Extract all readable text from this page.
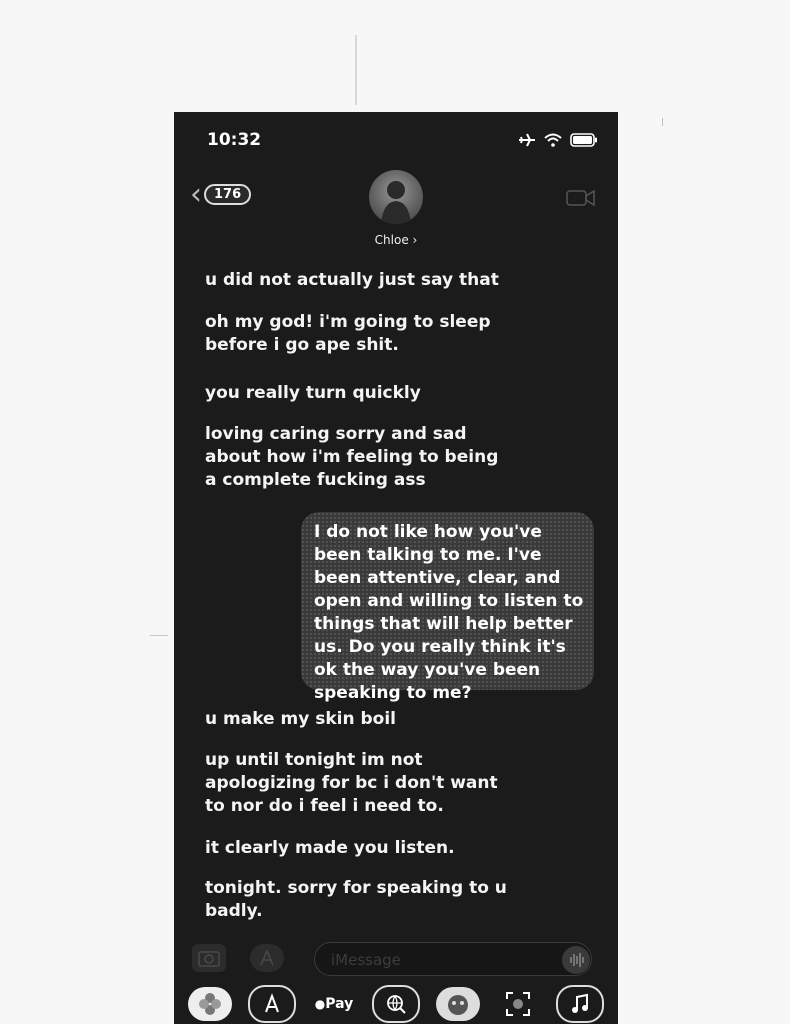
10:32
‹ 176
Chloe ›
u did not actually just say that
oh my god! i'm going to sleep
before i go ape shit.
you really turn quickly
loving caring sorry and sad
about how i'm feeling to being
a complete fucking ass
I do not like how you've been talking to me. I've been attentive, clear, and open and willing to listen to things that will help better us. Do you really think it's ok the way you've been speaking to me?
u make my skin boil
up until tonight im not
apologizing for bc i don't want
to nor do i feel i need to.
it clearly made you listen.
tonight. sorry for speaking to u
badly.
iMessage
● Pay
